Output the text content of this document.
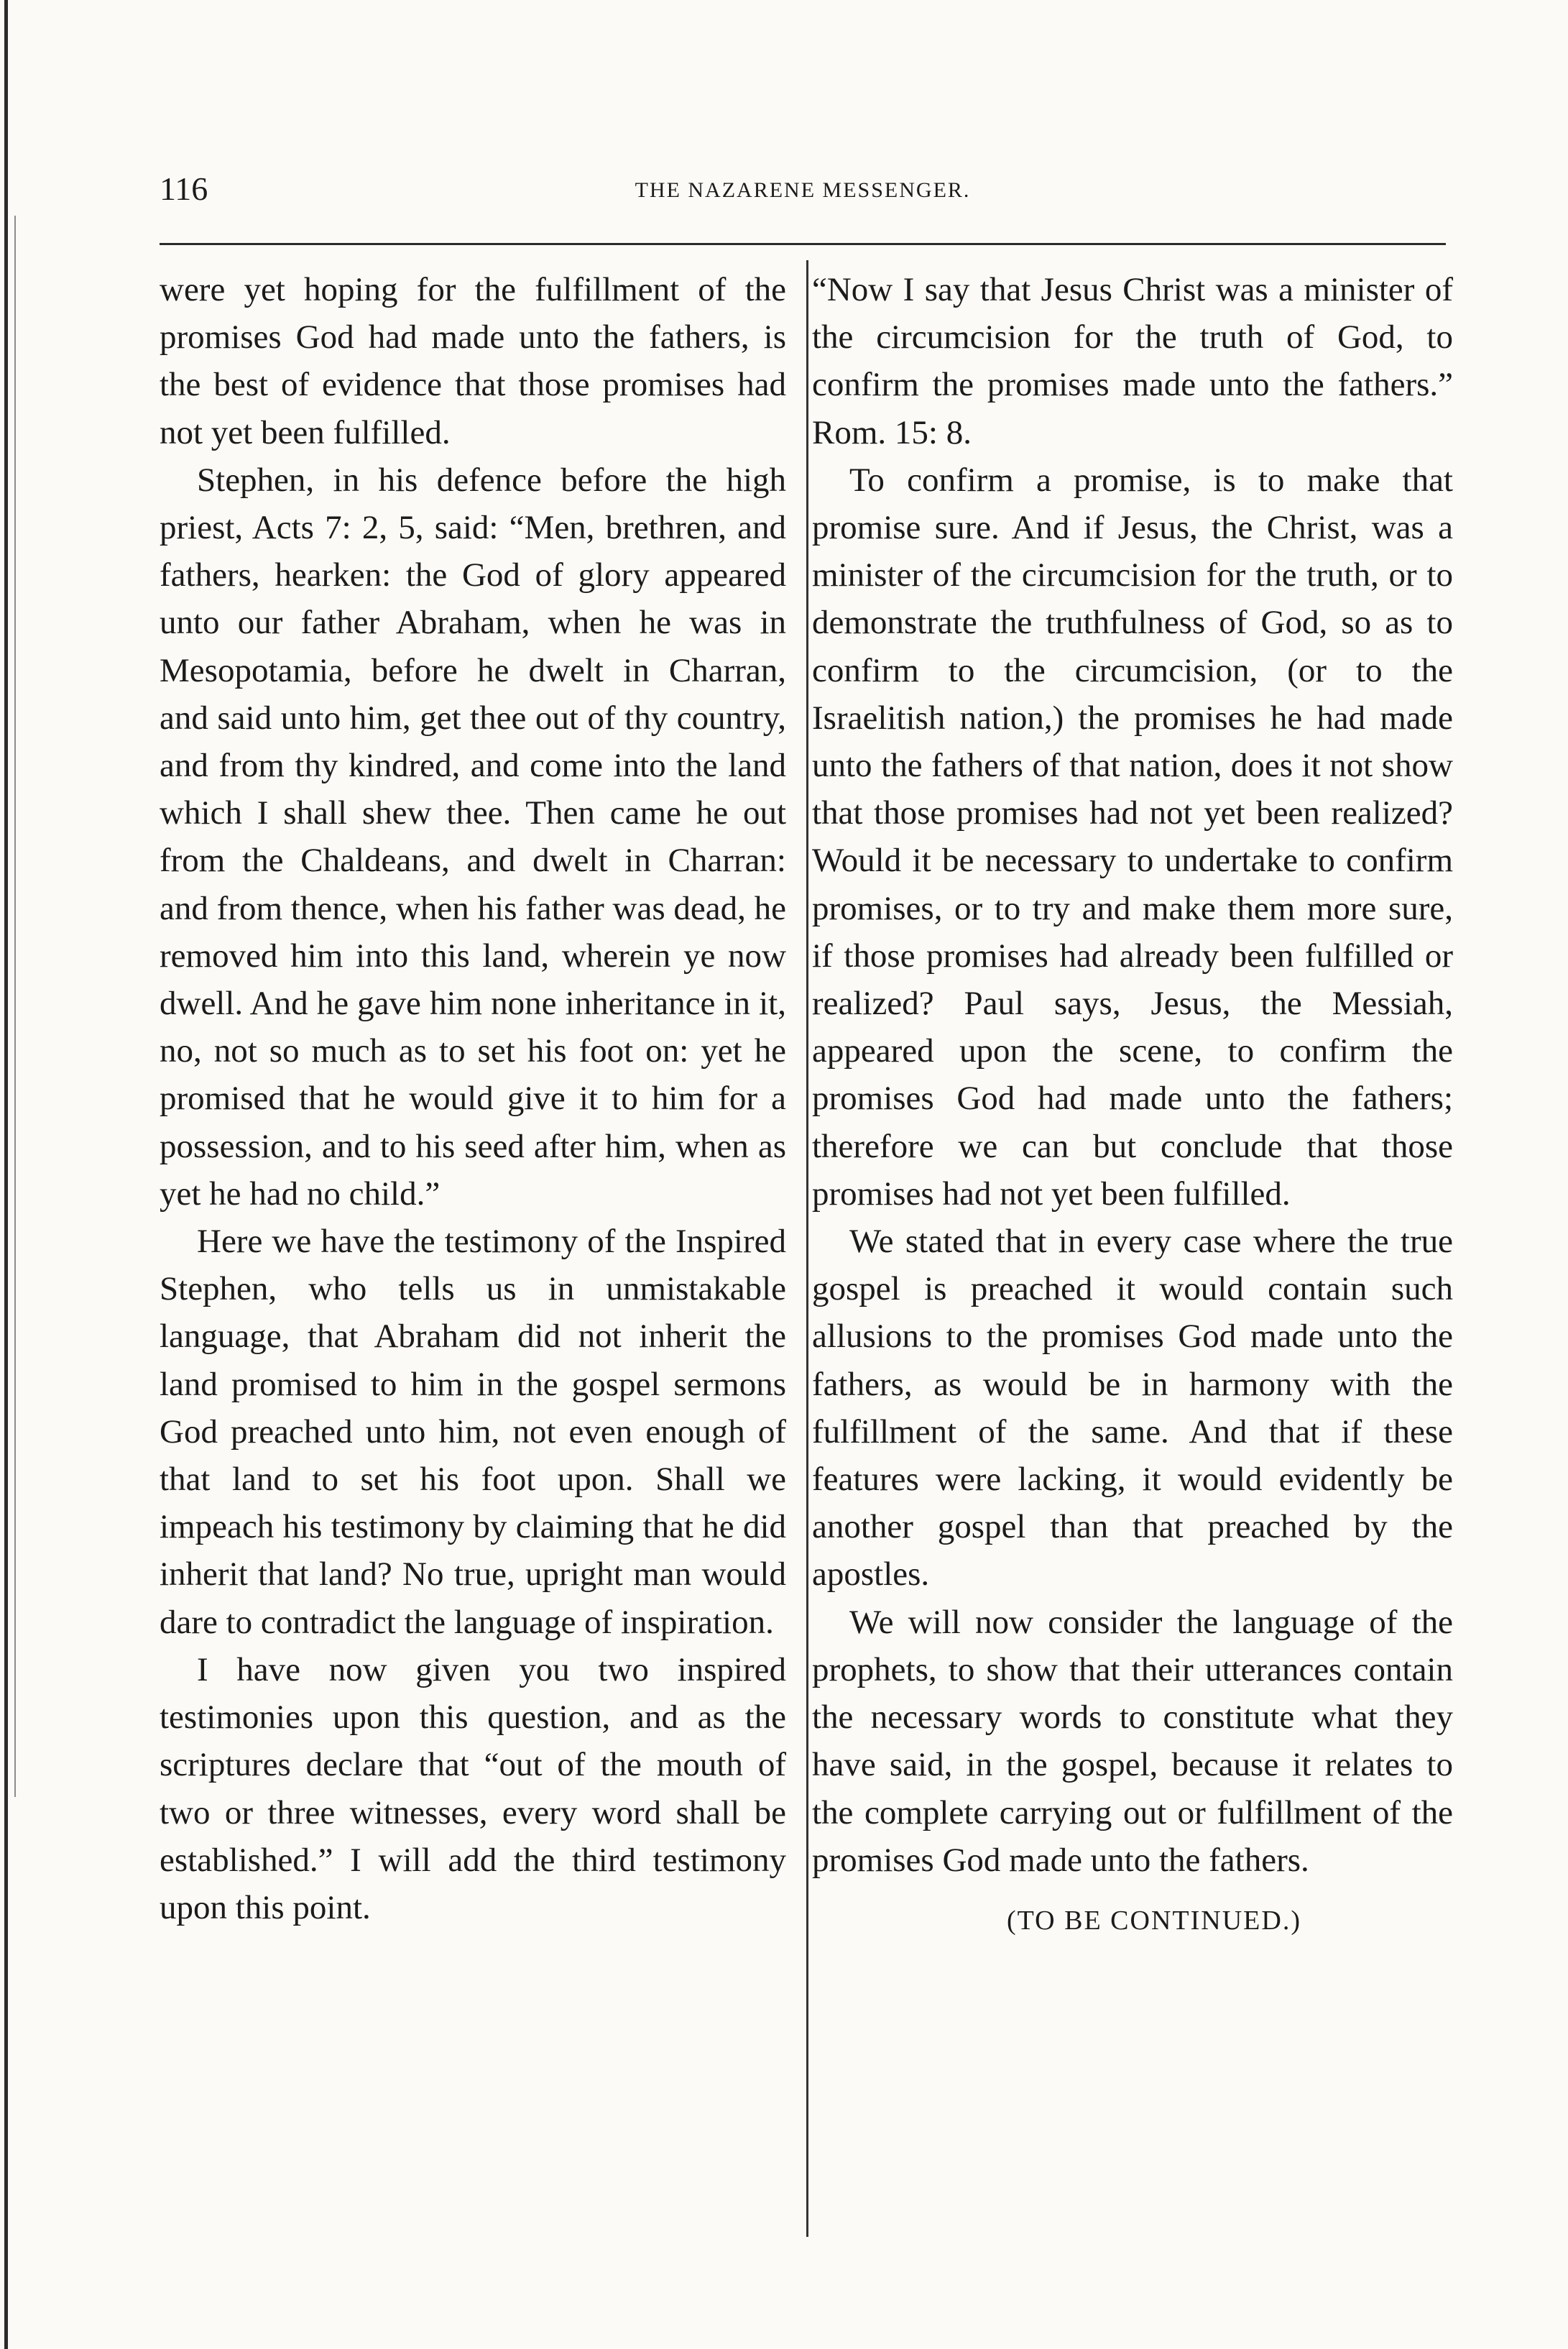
116	THE NAZARENE MESSENGER.

were yet hoping for the fulfillment of the promises God had made unto the fathers, is the best of evidence that those promises had not yet been fulfilled.

Stephen, in his defence before the high priest, Acts 7: 2, 5, said: “Men, brethren, and fathers, hearken: the God of glory appeared unto our father Abraham, when he was in Mesopotamia, before he dwelt in Charran, and said unto him, get thee out of thy country, and from thy kindred, and come into the land which I shall shew thee. Then came he out from the Chaldeans, and dwelt in Charran: and from thence, when his father was dead, he removed him into this land, wherein ye now dwell. And he gave him none inheritance in it, no, not so much as to set his foot on: yet he promised that he would give it to him for a possession, and to his seed after him, when as yet he had no child.”

Here we have the testimony of the Inspired Stephen, who tells us in unmistakable language, that Abraham did not inherit the land promised to him in the gospel sermons God preached unto him, not even enough of that land to set his foot upon. Shall we impeach his testimony by claiming that he did inherit that land? No true, upright man would dare to contradict the language of inspiration.

I have now given you two inspired testimonies upon this question, and as the scriptures declare that “out of the mouth of two or three witnesses, every word shall be established.” I will add the third testimony upon this point.

“Now I say that Jesus Christ was a minister of the circumcision for the truth of God, to confirm the promises made unto the fathers.” Rom. 15: 8.

To confirm a promise, is to make that promise sure. And if Jesus, the Christ, was a minister of the circumcision for the truth, or to demonstrate the truthfulness of God, so as to confirm to the circumcision, (or to the Israelitish nation,) the promises he had made unto the fathers of that nation, does it not show that those promises had not yet been realized? Would it be necessary to undertake to confirm promises, or to try and make them more sure, if those promises had already been fulfilled or realized? Paul says, Jesus, the Messiah, appeared upon the scene, to confirm the promises God had made unto the fathers; therefore we can but conclude that those promises had not yet been fulfilled.

We stated that in every case where the true gospel is preached it would contain such allusions to the promises God made unto the fathers, as would be in harmony with the fulfillment of the same. And that if these features were lacking, it would evidently be another gospel than that preached by the apostles.

We will now consider the language of the prophets, to show that their utterances contain the necessary words to constitute what they have said, in the gospel, because it relates to the complete carrying out or fulfillment of the promises God made unto the fathers.

(TO BE CONTINUED.)
